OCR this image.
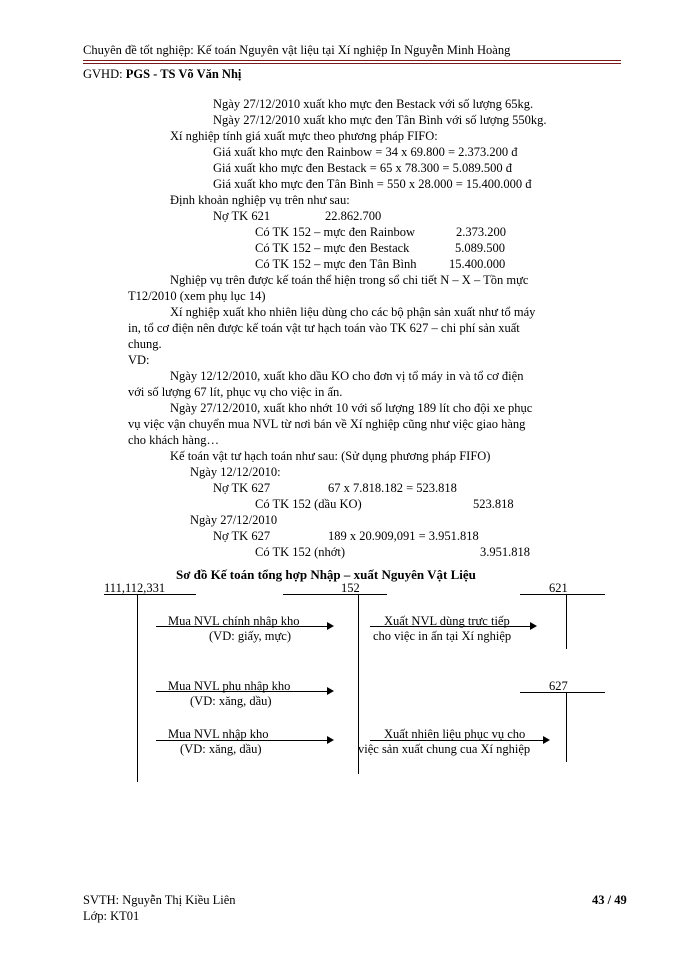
Chuyên đề tốt nghiệp: Kế toán Nguyên vật liệu tại Xí nghiệp In Nguyễn Minh Hoàng
GVHD: PGS - TS Võ Văn Nhị
Ngày 27/12/2010 xuất kho mực đen Bestack với số lượng 65kg.
Ngày 27/12/2010 xuất kho mực đen Tân Bình với số lượng 550kg.
Xí nghiệp tính giá xuất mực theo phương pháp FIFO:
Giá xuất kho mực đen Rainbow = 34 x 69.800 = 2.373.200 đ
Giá xuất kho mực đen Bestack = 65 x 78.300 = 5.089.500 đ
Giá xuất kho mực đen Tân Bình = 550 x 28.000 = 15.400.000 đ
Định khoản nghiệp vụ trên như sau:
Nợ TK 621	22.862.700
Có TK 152 – mực đen Rainbow	2.373.200
Có TK 152 – mực đen Bestack	5.089.500
Có TK 152 – mực đen Tân Bình	15.400.000
Nghiệp vụ trên được kế toán thể hiện trong sổ chi tiết N – X – Tồn mực
T12/2010 (xem phụ lục 14)
Xí nghiệp xuất kho nhiên liệu dùng cho các bộ phận sản xuất như tổ máy
in, tổ cơ điện nên được kế toán vật tư hạch toán vào TK 627 – chi phí sản xuất
chung.
VD:
Ngày 12/12/2010, xuất kho dầu KO cho đơn vị tổ máy in và tổ cơ điện
với số lượng 67 lít, phục vụ cho việc in ấn.
Ngày 27/12/2010, xuất kho nhớt 10 với số lượng 189 lít cho đội xe phục
vụ việc vận chuyển mua NVL từ nơi bán về Xí nghiệp cũng như việc giao hàng
cho khách hàng…
Kế toán vật tư hạch toán như sau: (Sử dụng phương pháp FIFO)
Ngày 12/12/2010:
Nợ TK 627	67 x 7.818.182 = 523.818
Có TK 152 (dầu KO)	523.818
Ngày 27/12/2010
Nợ TK 627	189 x 20.909,091 = 3.951.818
Có TK 152 (nhớt)	3.951.818
Sơ đồ Kế toán tổng hợp Nhập – xuất Nguyên Vật Liệu
111,112,331	152	621
627
Mua NVL chính nhập kho
(VD: giấy, mực)
Xuất NVL dùng trực tiếp
cho việc in ấn tại Xí nghiệp
Mua NVL phụ nhập kho
(VD: xăng, dầu)
Mua NVL nhập kho
(VD: xăng, dầu)
Xuất nhiên liệu phục vụ cho
việc sản xuất chung cua Xí nghiệp
SVTH: Nguyễn Thị Kiều Liên
Lớp: KT01
43 / 49
